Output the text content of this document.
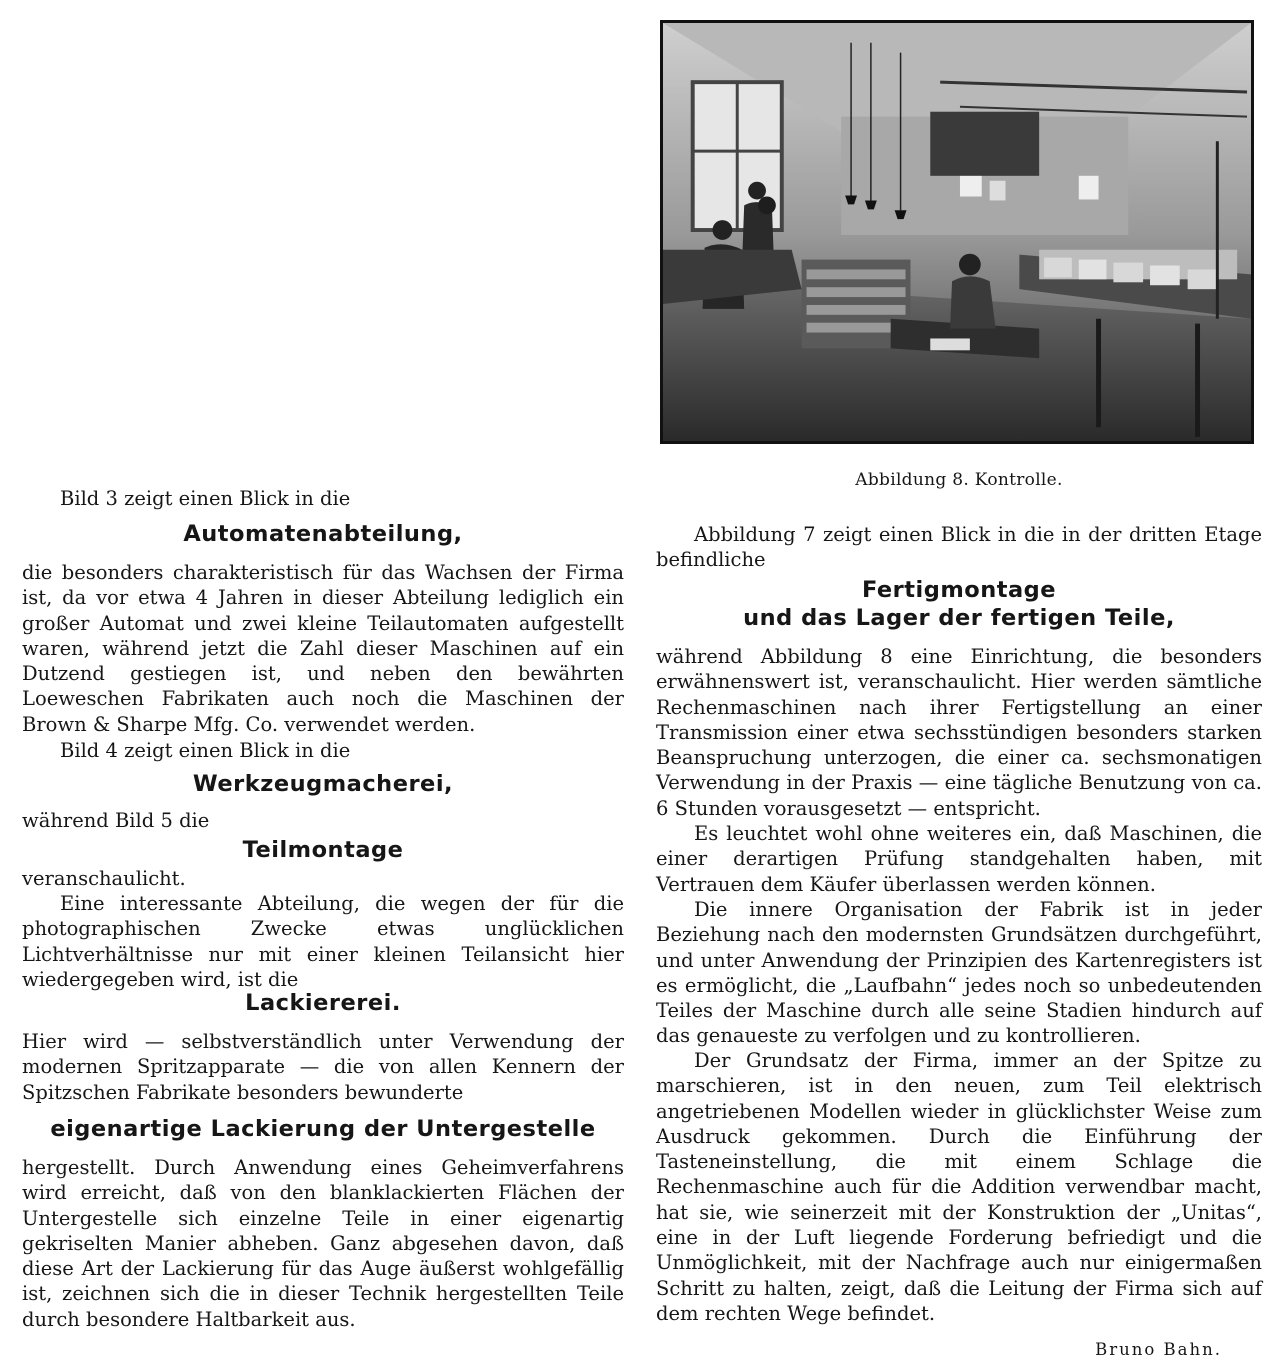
Bild 3 zeigt einen Blick in die

Automatenabteilung,

die besonders charakteristisch für das Wachsen der Firma ist, da vor etwa 4 Jahren in dieser Abteilung lediglich ein großer Automat und zwei kleine Teilautomaten aufgestellt waren, während jetzt die Zahl dieser Maschinen auf ein Dutzend gestiegen ist, und neben den bewährten Loeweschen Fabrikaten auch noch die Maschinen der Brown & Sharpe Mfg. Co. verwendet werden.

Bild 4 zeigt einen Blick in die

Werkzeugmacherei,

während Bild 5 die

Teilmontage

veranschaulicht.

Eine interessante Abteilung, die wegen der für die photographischen Zwecke etwas unglücklichen Lichtverhältnisse nur mit einer kleinen Teilansicht hier wiedergegeben wird, ist die

Lackiererei.

Hier wird — selbstverständlich unter Verwendung der modernen Spritzapparate — die von allen Kennern der Spitzschen Fabrikate besonders bewunderte

eigenartige Lackierung der Untergestelle

hergestellt. Durch Anwendung eines Geheimverfahrens wird erreicht, daß von den blanklackierten Flächen der Untergestelle sich einzelne Teile in einer eigenartig gekriselten Manier abheben. Ganz abgesehen davon, daß diese Art der Lackierung für das Auge äußerst wohlgefällig ist, zeichnen sich die in dieser Technik hergestellten Teile durch besondere Haltbarkeit aus.

Abbildung 8. Kontrolle.

Abbildung 7 zeigt einen Blick in die in der dritten Etage befindliche

Fertigmontage
und das Lager der fertigen Teile,

während Abbildung 8 eine Einrichtung, die besonders erwähnenswert ist, veranschaulicht. Hier werden sämtliche Rechenmaschinen nach ihrer Fertigstellung an einer Transmission einer etwa sechsstündigen besonders starken Beanspruchung unterzogen, die einer ca. sechsmonatigen Verwendung in der Praxis — eine tägliche Benutzung von ca. 6 Stunden vorausgesetzt — entspricht.

Es leuchtet wohl ohne weiteres ein, daß Maschinen, die einer derartigen Prüfung standgehalten haben, mit Vertrauen dem Käufer überlassen werden können.

Die innere Organisation der Fabrik ist in jeder Beziehung nach den modernsten Grundsätzen durchgeführt, und unter Anwendung der Prinzipien des Kartenregisters ist es ermöglicht, die „Laufbahn“ jedes noch so unbedeutenden Teiles der Maschine durch alle seine Stadien hindurch auf das genaueste zu verfolgen und zu kontrollieren.

Der Grundsatz der Firma, immer an der Spitze zu marschieren, ist in den neuen, zum Teil elektrisch angetriebenen Modellen wieder in glücklichster Weise zum Ausdruck gekommen. Durch die Einführung der Tasteneinstellung, die mit einem Schlage die Rechenmaschine auch für die Addition verwendbar macht, hat sie, wie seinerzeit mit der Konstruktion der „Unitas“, eine in der Luft liegende Forderung befriedigt und die Unmöglichkeit, mit der Nachfrage auch nur einigermaßen Schritt zu halten, zeigt, daß die Leitung der Firma sich auf dem rechten Wege befindet.

Bruno Bahn.
